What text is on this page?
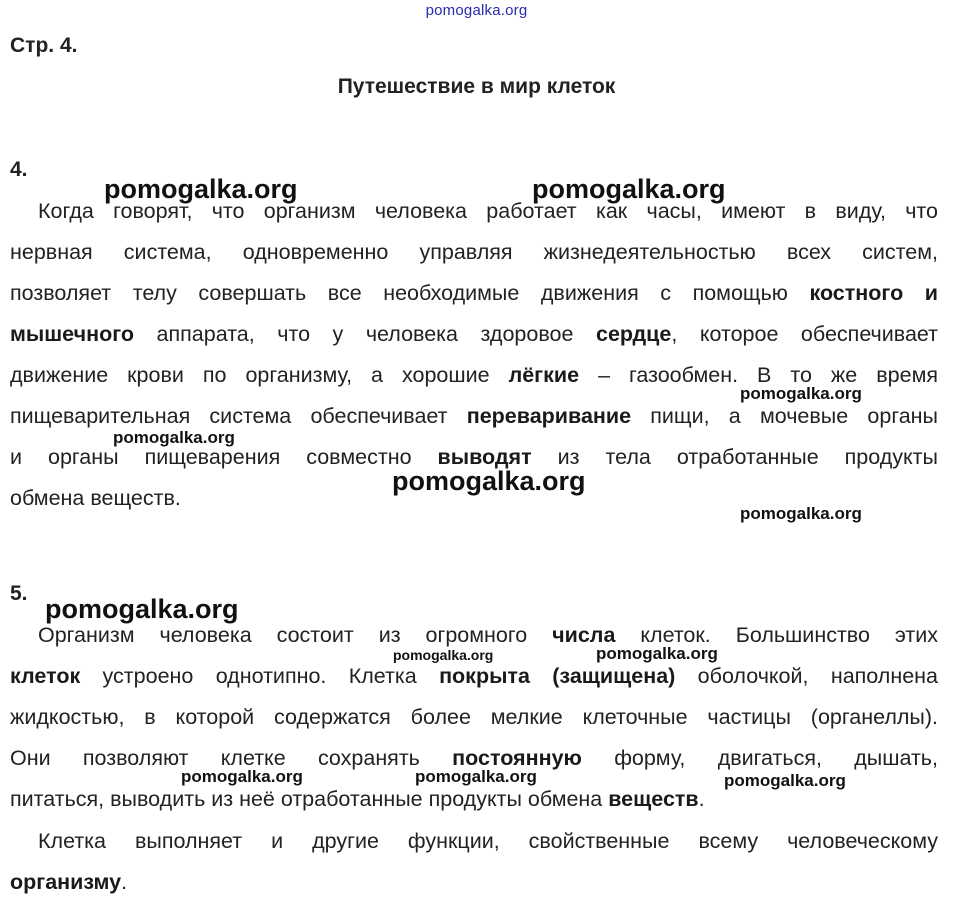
pomogalka.org
Стр. 4.
Путешествие в мир клеток
4.
Когда говорят, что организм человека работает как часы, имеют в виду, что
нервная система, одновременно управляя жизнедеятельностью всех систем,
позволяет телу совершать все необходимые движения с помощью костного и
мышечного аппарата, что у человека здоровое сердце, которое обеспечивает
движение крови по организму, а хорошие лёгкие – газообмен. В то же время
пищеварительная система обеспечивает переваривание пищи, а мочевые органы
и органы пищеварения совместно выводят из тела отработанные продукты
обмена веществ.
5.
Организм человека состоит из огромного числа клеток. Большинство этих
клеток устроено однотипно. Клетка покрыта (защищена) оболочкой, наполнена
жидкостью, в которой содержатся более мелкие клеточные частицы (органеллы).
Они позволяют клетке сохранять постоянную форму, двигаться, дышать,
питаться, выводить из неё отработанные продукты обмена веществ.
Клетка выполняет и другие функции, свойственные всему человеческому
организму.
pomogalka.org	pomogalka.org
pomogalka.org
pomogalka.org
pomogalka.org
pomogalka.org
pomogalka.org
pomogalka.org	pomogalka.org
pomogalka.org	pomogalka.org	pomogalka.org
